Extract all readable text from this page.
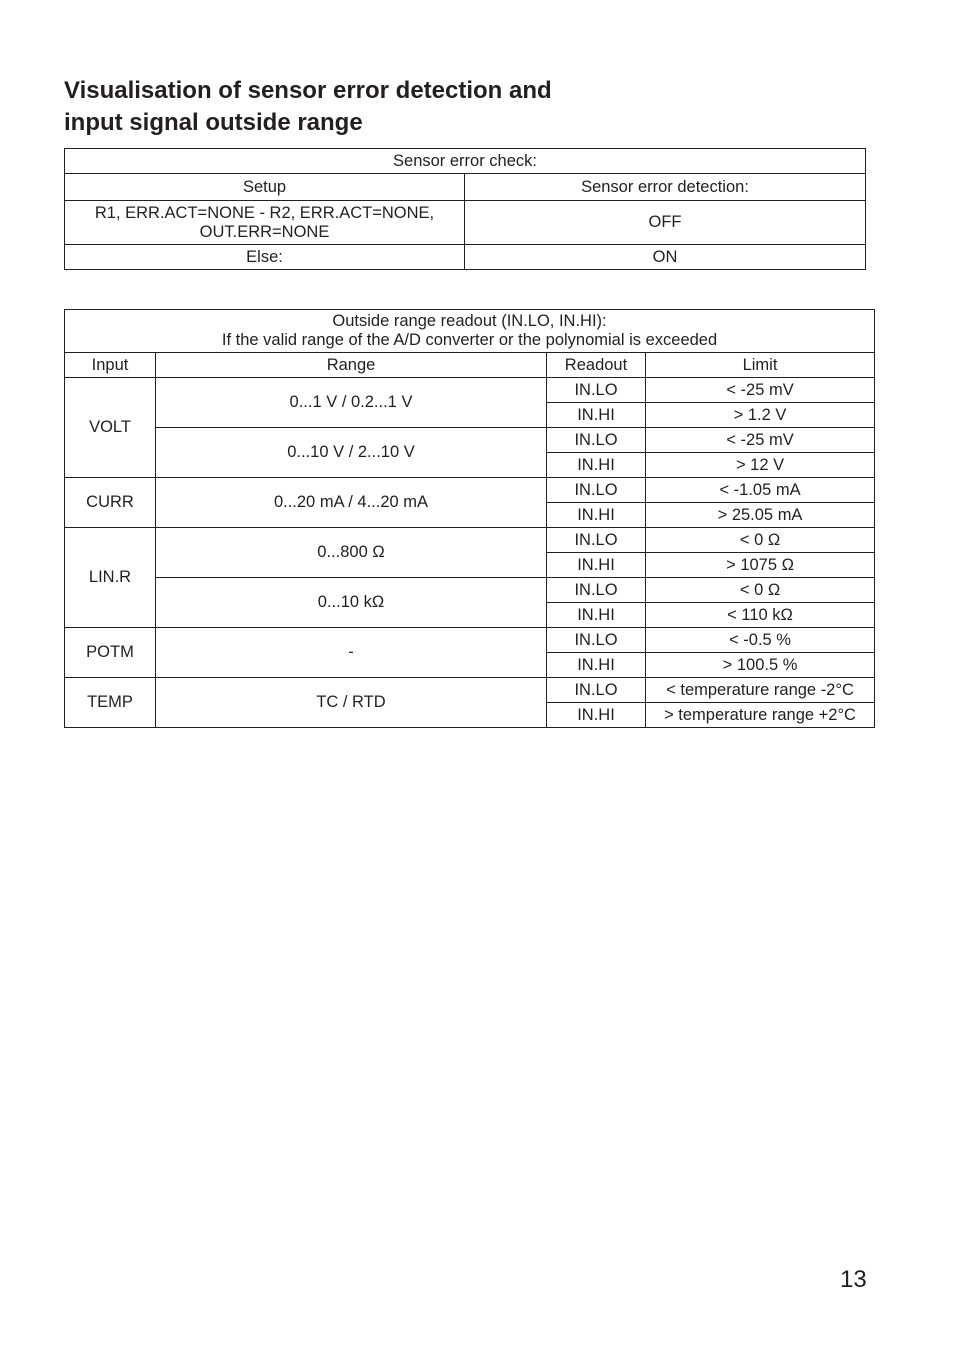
Visualisation of sensor error detection and
input signal outside range
Sensor error check:	
Setup	Sensor error detection:
R1, ERR.ACT=NONE - R2, ERR.ACT=NONE,
OUT.ERR=NONE	OFF
Else:	ON
Outside range readout (IN.LO, IN.HI):
If the valid range of the A/D converter or the polynomial is exceeded			
Input	Range	Readout	Limit
VOLT	0...1 V / 0.2...1 V	IN.LO	< -25 mV
		IN.HI	> 1.2 V
	0...10 V / 2...10 V	IN.LO	< -25 mV
		IN.HI	> 12 V
CURR	0...20 mA / 4...20 mA	IN.LO	< -1.05 mA
		IN.HI	> 25.05 mA
LIN.R	0...800 Ω	IN.LO	< 0 Ω
		IN.HI	> 1075 Ω
	0...10 kΩ	IN.LO	< 0 Ω
		IN.HI	< 110 kΩ
POTM	-	IN.LO	< -0.5 %
		IN.HI	> 100.5 %
TEMP	TC / RTD	IN.LO	< temperature range -2°C
		IN.HI	> temperature range +2°C
13
